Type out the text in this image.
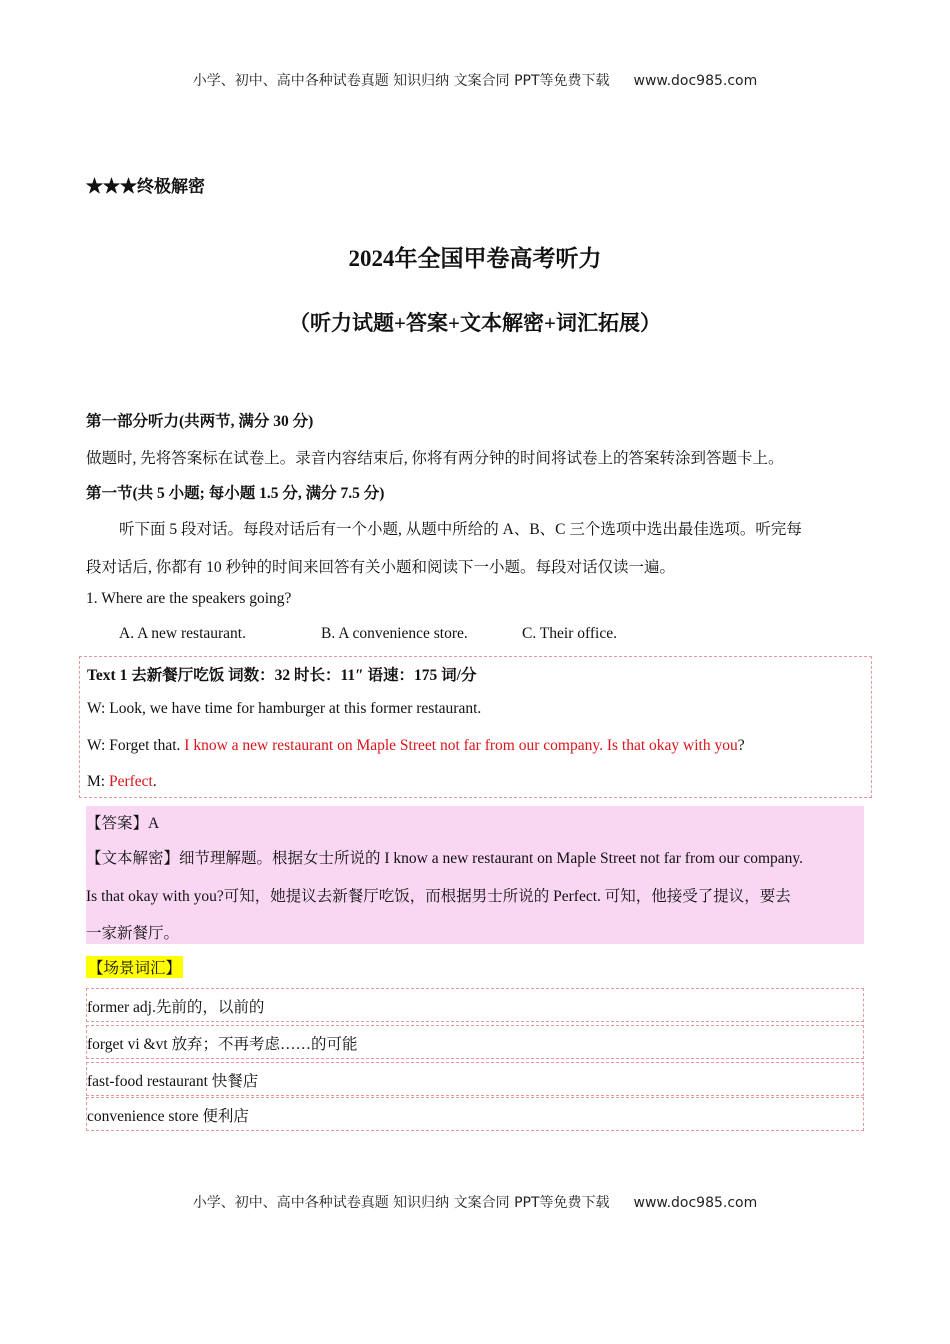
小学、初中、高中各种试卷真题 知识归纳 文案合同 PPT等免费下载 www.doc985.com
★★★终极解密
2024年全国甲卷高考听力
（听力试题+答案+文本解密+词汇拓展）
第一部分听力(共两节, 满分 30 分)
做题时, 先将答案标在试卷上。录音内容结束后, 你将有两分钟的时间将试卷上的答案转涂到答题卡上。
第一节(共 5 小题; 每小题 1.5 分, 满分 7.5 分)
听下面 5 段对话。每段对话后有一个小题, 从题中所给的 A、B、C 三个选项中选出最佳选项。听完每
段对话后, 你都有 10 秒钟的时间来回答有关小题和阅读下一小题。每段对话仅读一遍。
1. Where are the speakers going?
A. A new restaurant.	B. A convenience store.	C. Their office.
Text 1 去新餐厅吃饭 词数：32 时长：11″ 语速：175 词/分
W: Look, we have time for hamburger at this former restaurant.
W: Forget that. I know a new restaurant on Maple Street not far from our company. Is that okay with you?
M: Perfect.
【答案】A
【文本解密】细节理解题。根据女士所说的 I know a new restaurant on Maple Street not far from our company.
Is that okay with you?可知，她提议去新餐厅吃饭，而根据男士所说的 Perfect. 可知，他接受了提议，要去
一家新餐厅。
【场景词汇】
former adj.先前的，以前的
forget vi &vt 放弃；不再考虑……的可能
fast-food restaurant 快餐店
convenience store 便利店
小学、初中、高中各种试卷真题 知识归纳 文案合同 PPT等免费下载 www.doc985.com
